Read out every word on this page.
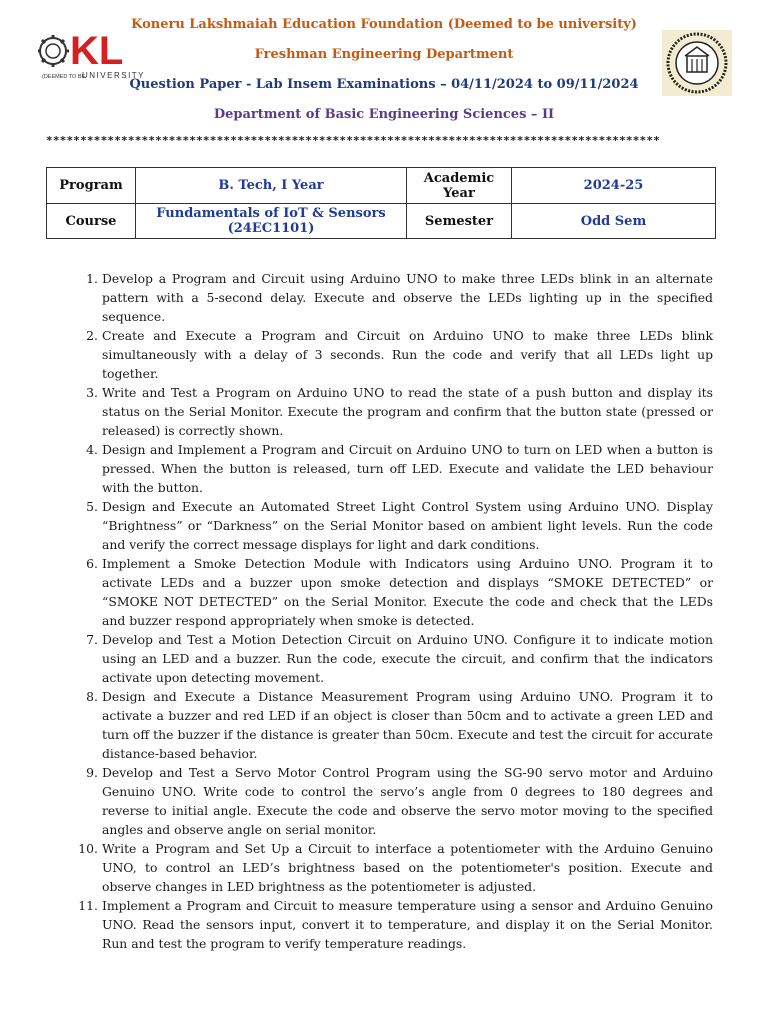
KL
(DEEMED TO BE
UNIVERSITY
Koneru Lakshmaiah Education Foundation (Deemed to be university)
Freshman Engineering Department
Question Paper - Lab Insem Examinations – 04/11/2024 to 09/11/2024
Department of Basic Engineering Sciences – II
******************************************************************************************
Program	B. Tech, I Year	Academic Year	2024-25
Course	Fundamentals of IoT & Sensors (24EC1101)	Semester	Odd Sem
1. Develop a Program and Circuit using Arduino UNO to make three LEDs blink in an alternate pattern with a 5-second delay. Execute and observe the LEDs lighting up in the specified sequence.
2. Create and Execute a Program and Circuit on Arduino UNO to make three LEDs blink simultaneously with a delay of 3 seconds. Run the code and verify that all LEDs light up together.
3. Write and Test a Program on Arduino UNO to read the state of a push button and display its status on the Serial Monitor. Execute the program and confirm that the button state (pressed or released) is correctly shown.
4. Design and Implement a Program and Circuit on Arduino UNO to turn on LED when a button is pressed. When the button is released, turn off LED. Execute and validate the LED behaviour with the button.
5. Design and Execute an Automated Street Light Control System using Arduino UNO. Display “Brightness” or “Darkness” on the Serial Monitor based on ambient light levels. Run the code and verify the correct message displays for light and dark conditions.
6. Implement a Smoke Detection Module with Indicators using Arduino UNO. Program it to activate LEDs and a buzzer upon smoke detection and displays “SMOKE DETECTED” or “SMOKE NOT DETECTED” on the Serial Monitor. Execute the code and check that the LEDs and buzzer respond appropriately when smoke is detected.
7. Develop and Test a Motion Detection Circuit on Arduino UNO. Configure it to indicate motion using an LED and a buzzer. Run the code, execute the circuit, and confirm that the indicators activate upon detecting movement.
8. Design and Execute a Distance Measurement Program using Arduino UNO. Program it to activate a buzzer and red LED if an object is closer than 50cm and to activate a green LED and turn off the buzzer if the distance is greater than 50cm. Execute and test the circuit for accurate distance-based behavior.
9. Develop and Test a Servo Motor Control Program using the SG-90 servo motor and Arduino Genuino UNO. Write code to control the servo’s angle from 0 degrees to 180 degrees and reverse to initial angle. Execute the code and observe the servo motor moving to the specified angles and observe angle on serial monitor.
10. Write a Program and Set Up a Circuit to interface a potentiometer with the Arduino Genuino UNO, to control an LED’s brightness based on the potentiometer's position. Execute and observe changes in LED brightness as the potentiometer is adjusted.
11. Implement a Program and Circuit to measure temperature using a sensor and Arduino Genuino UNO. Read the sensors input, convert it to temperature, and display it on the Serial Monitor. Run and test the program to verify temperature readings.
